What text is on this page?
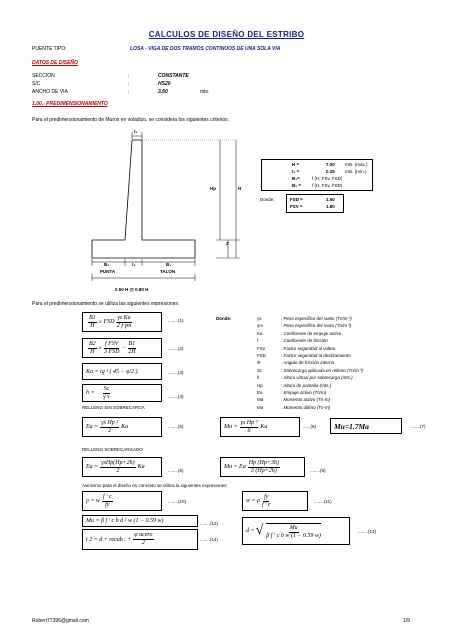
CALCULOS DE DISEÑO DEL ESTRIBO
PUENTE TIPO:	LOSA - VIGA DE DOS TRAMOS CONTINUOS DE UNA SOLA VIA
DATOS DE DISEÑO
SECCION	:	CONSTANTE
S/C	:	HS20
ANCHO DE VIA	:	3.50	mts.
1.00.- PREDIMENSIONAMIENTO
Para el predimensionamiento de Muros en voladizo, se considera los siguientes criterios:
t₁
Hp	H
Z
B₂	t₂	B₁
PUNTA	TALON
0.50 H @ 0.80 H
H =	7.00 mts. (máx.)
t₁ =	0.25 mts. (mín.)
B₁=	f (H, FSv, FSD)
B₂ = f (H, FSv, FSD)
Donde:	FSD =	1.50
FSV =	1.80
Para el predimensionamiento se utiliza las siguientes expresiones:
$\frac{B1}{H}$ ≥ FSD $\frac{\text{γs Ka}}{\text{2 f γm}}$	........(1)
$\frac{B2}{H} \ge \frac{\text{f FSV}}{\text{3 FSD}} - \frac{B1}{2H}$	........(2)
Ka = tg ² ( 45 − φ/2 )	........(3)
$h = \frac{Sc}{\text{γ s}}$	........(4)
RELLENO SIN SOBRECARGA
Donde:	γs	: Peso específico del suelo (Tn/m ³)
γm	: Peso específico del muro (Tn/m ³)
Ka	: Coeficiente de empuje activo
f	: Coeficiente de fricción
FSv	: Factor seguridad al volteo
FSD	: Factor seguridad al deslizamiento
Φ	: Angulo de fricción interna
Sc	: Sobrecarga aplicada en relleno (Tn/m ³)
h	: Altura virtual por sobrecarga (mts.)
Hp	: Altura de pantalla (mts.)
Ea	: Empuje activo (Tn/m)
Ma	: Momento activo (Tn-m)
Mu	: Momento último (Tn-m)
$Ea = \frac{\text{γs Hp ²}}{2}$ Ka	........(5)	$Ma = \frac{\text{γs Hp ³}}{6}$ Ka	......(6) Mu=1.7Ma	........(7)
RELLENO SOBRECARGADO
$Ea = \frac{\text{γsHp(Hp+2h)}}{2}$ Ka
........(8)
Ma = Ea $\frac{Hp (Hp+3h)}{3 (Hp+2h)}$	........(9)
Asimismo para el diseño en concreto se utiliza la siguientes expresiones:
ρ = w $\frac{f ' c}{fy}$	........(10)	w = ρ $\frac{fy}{f ' c}$	........(11)
Mu = β f ' c b d ² w (1 − 0.59 w)	........(12)
d = √ $\frac{Mu}{\text{β f ' c b w (1 − 0.59 w)}}$	........(13)
t 2 = d + recub . + $\frac{\text{φ acero}}{2}$	........(14)
Robert77396@gmail.com	1/9
